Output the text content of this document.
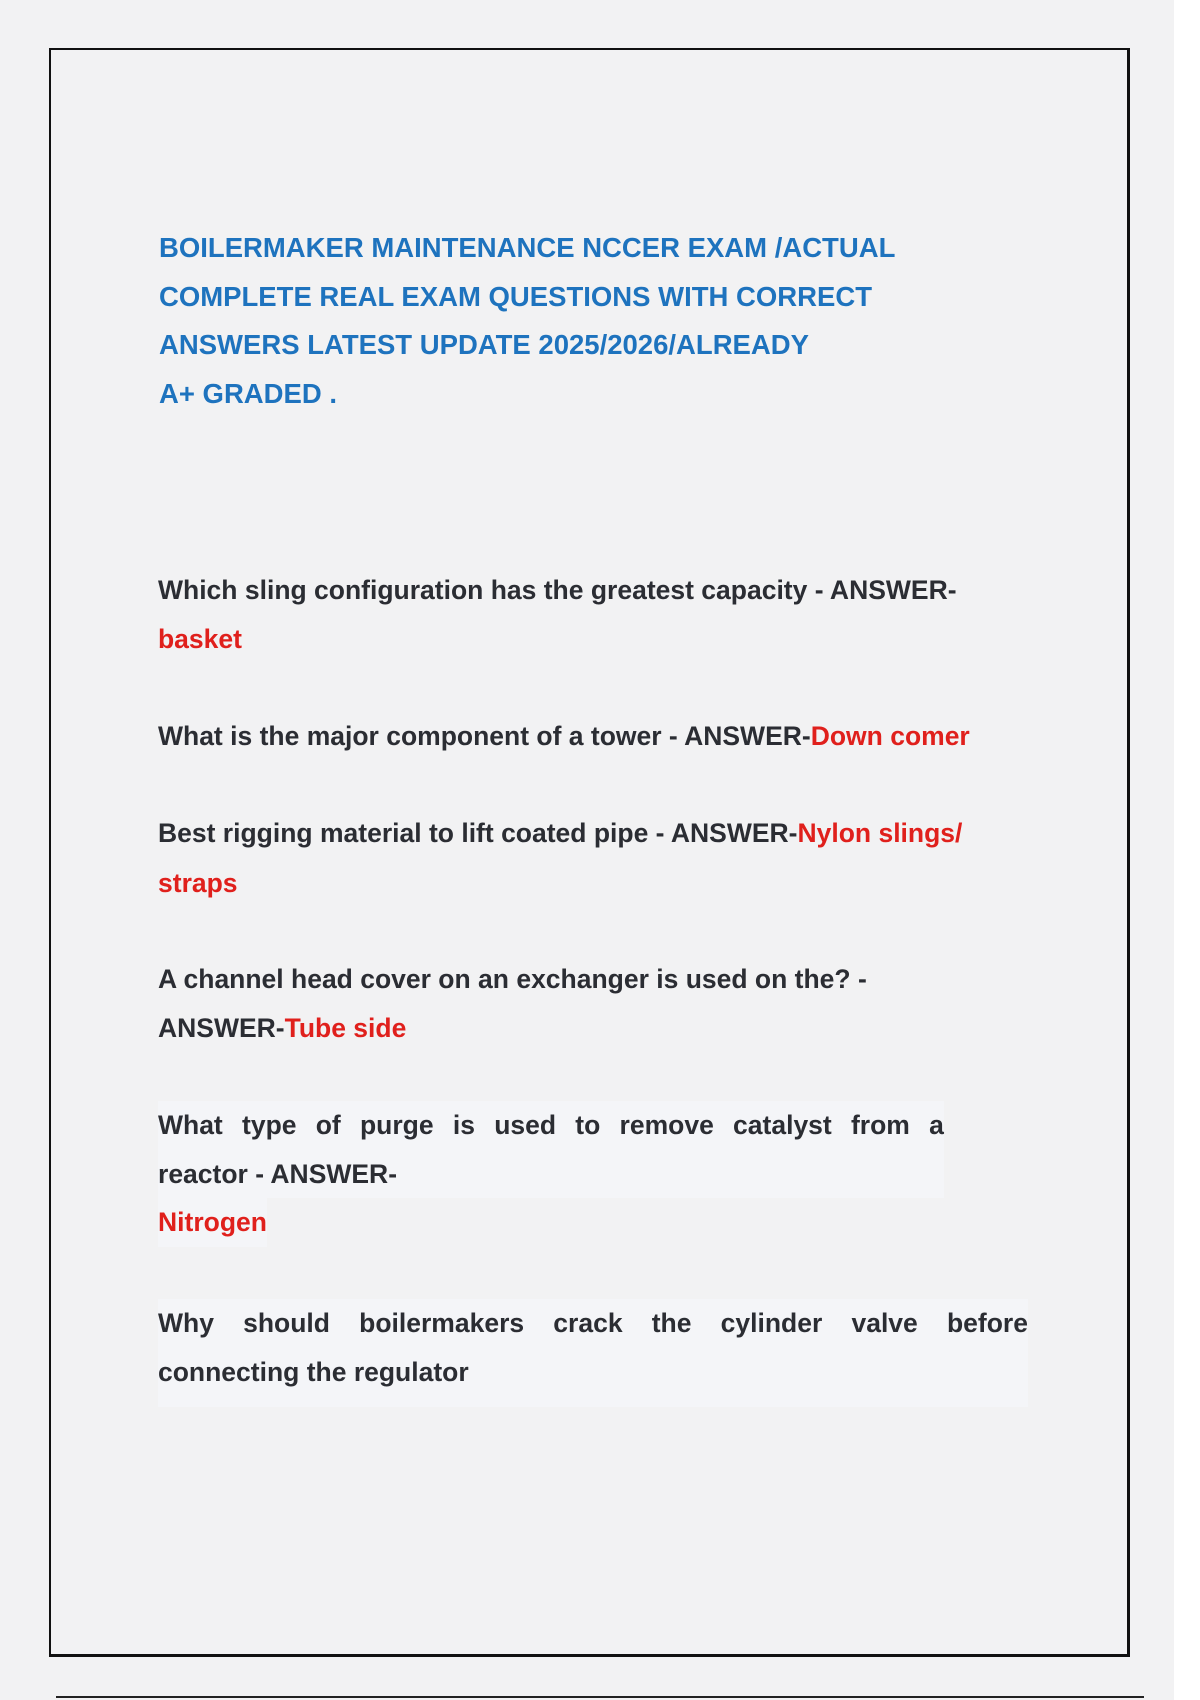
BOILERMAKER MAINTENANCE NCCER EXAM /ACTUAL
COMPLETE REAL EXAM QUESTIONS WITH CORRECT
ANSWERS LATEST UPDATE 2025/2026/ALREADY
A+ GRADED .
Which sling configuration has the greatest capacity - ANSWER-
basket
What is the major component of a tower - ANSWER-Down comer
Best rigging material to lift coated pipe - ANSWER-Nylon slings/
straps
A channel head cover on an exchanger is used on the? -
ANSWER-Tube side
What type of purge is used to remove catalyst from a
reactor - ANSWER-
Nitrogen
Why should boilermakers crack the cylinder valve before
connecting the regulator
